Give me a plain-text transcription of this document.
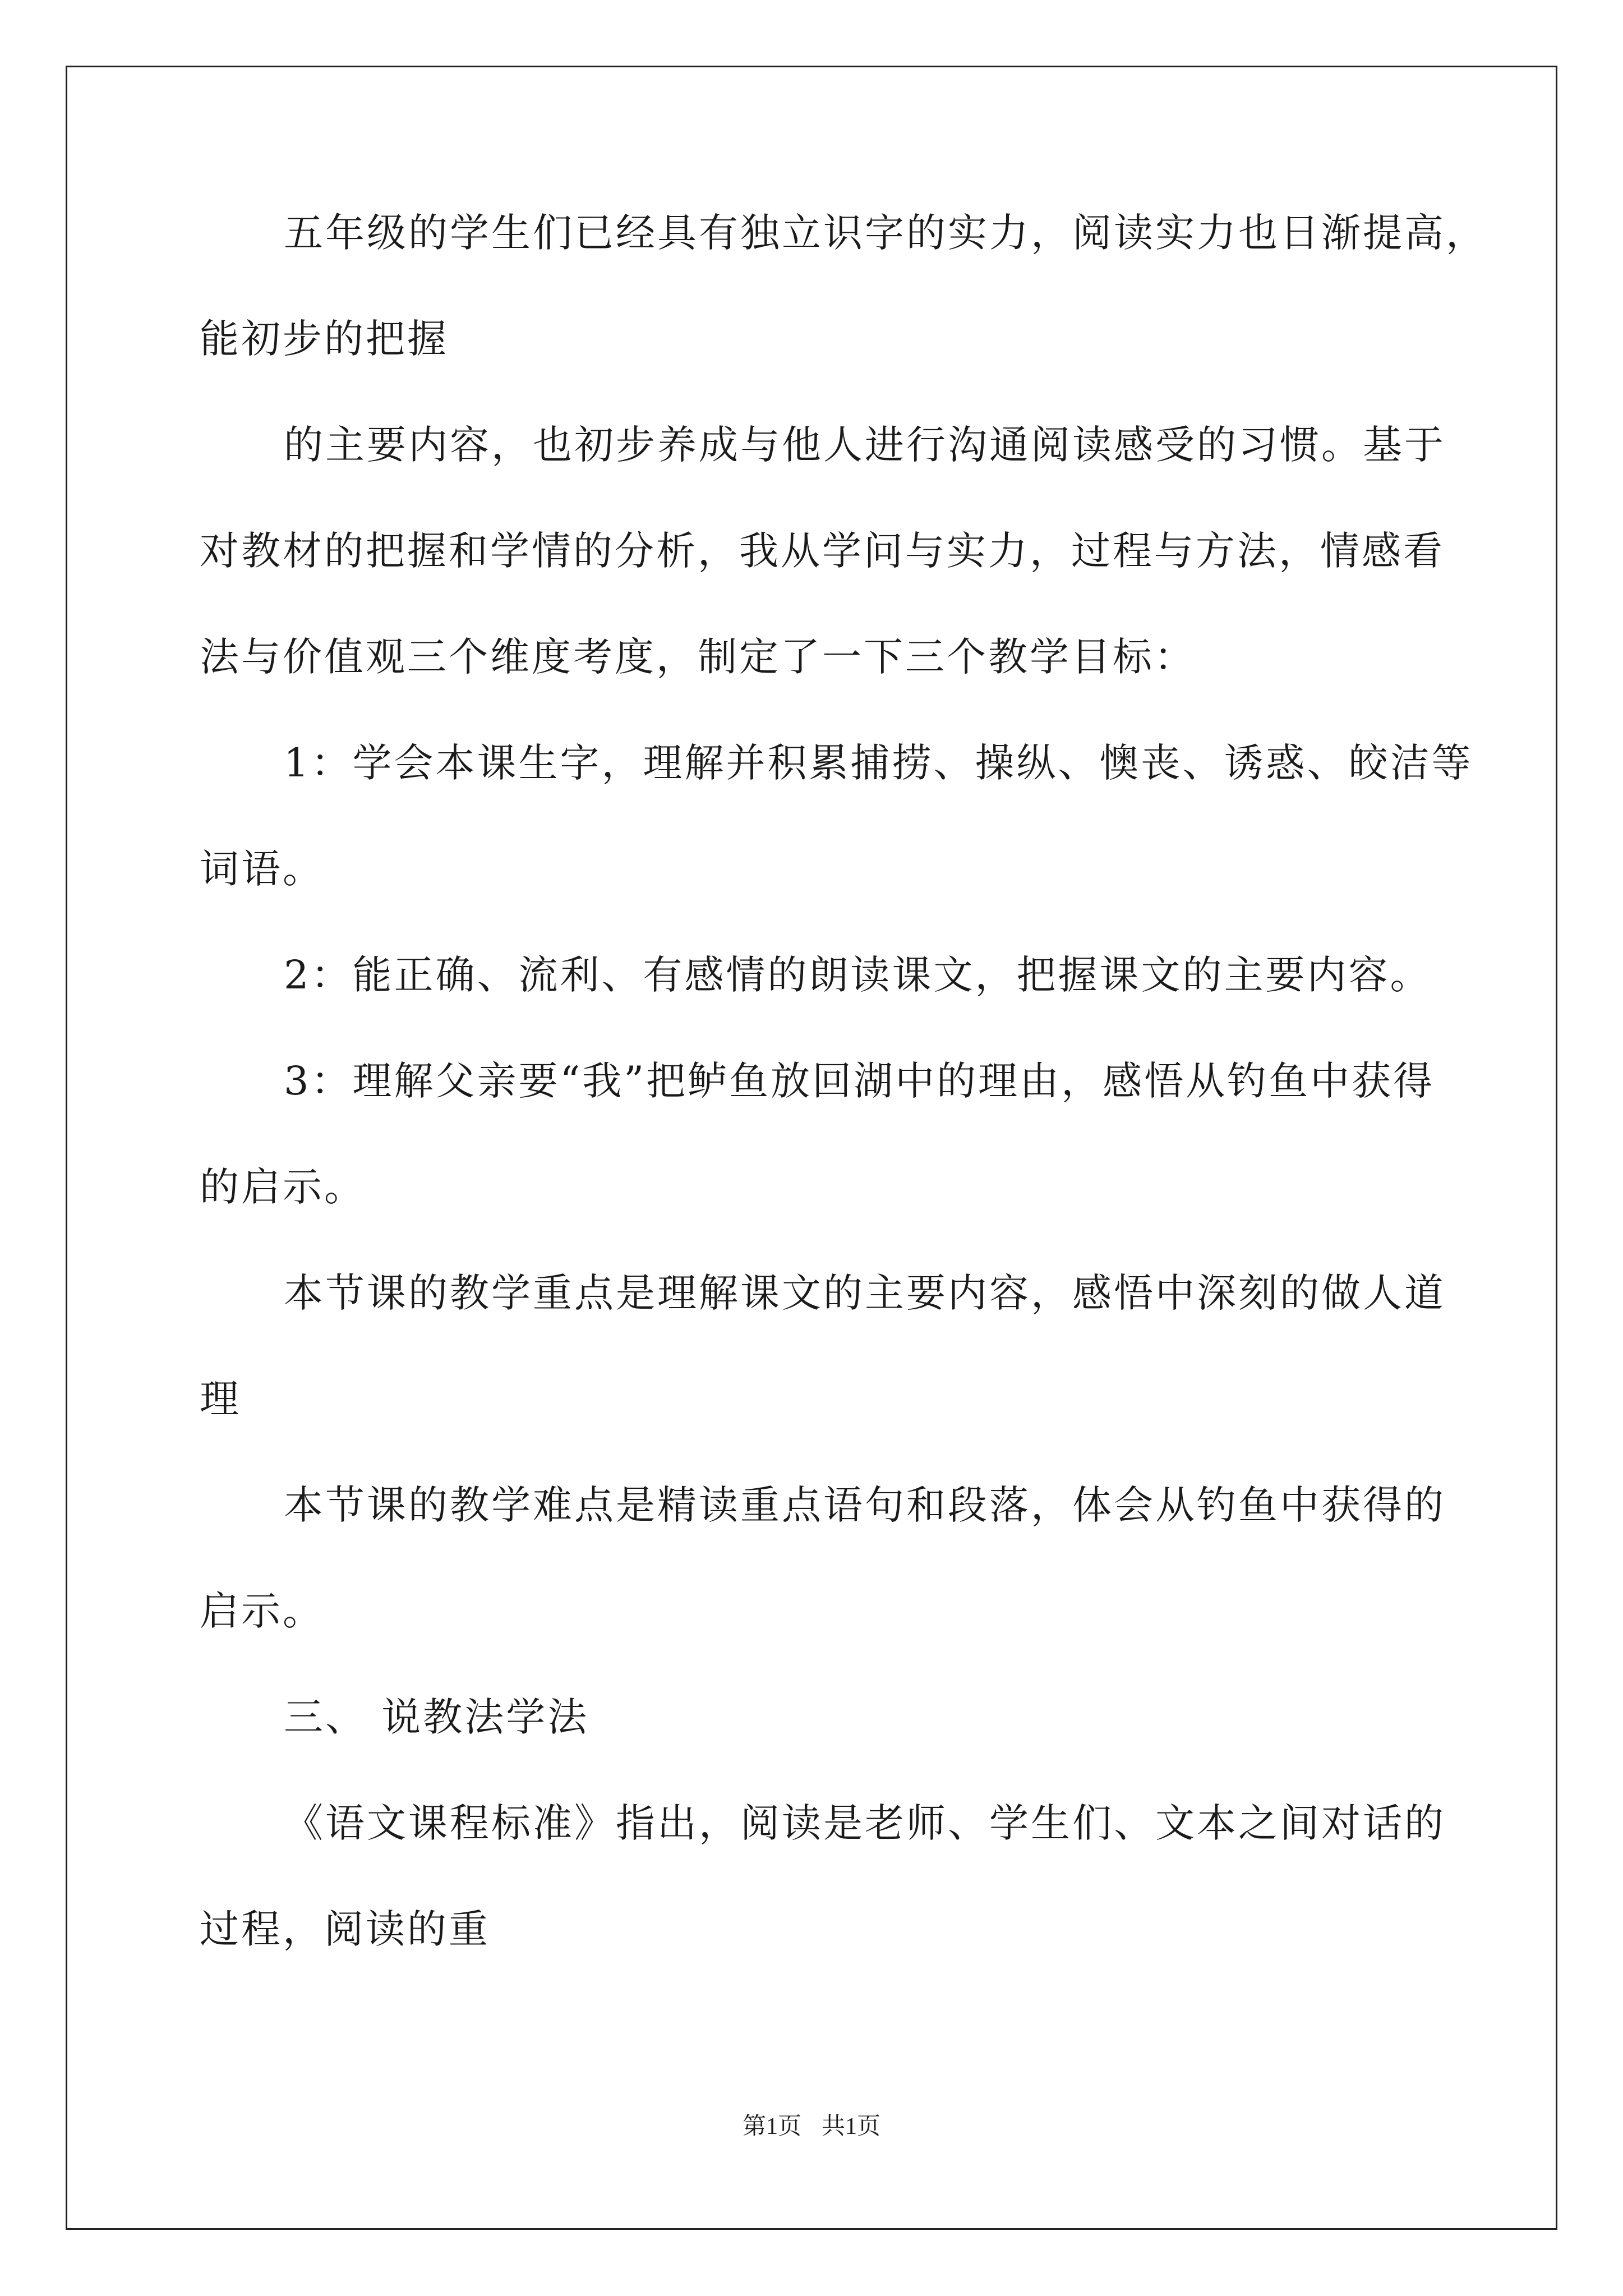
五年级的学生们已经具有独立识字的实力，阅读实力也日渐提高，
能初步的把握
的主要内容，也初步养成与他人进行沟通阅读感受的习惯。基于
对教材的把握和学情的分析，我从学问与实力，过程与方法，情感看
法与价值观三个维度考度，制定了一下三个教学目标：
1：学会本课生字，理解并积累捕捞、操纵、懊丧、诱惑、皎洁等
词语。
2：能正确、流利、有感情的朗读课文，把握课文的主要内容。
3：理解父亲要“我”把鲈鱼放回湖中的理由，感悟从钓鱼中获得
的启示。
本节课的教学重点是理解课文的主要内容，感悟中深刻的做人道
理
本节课的教学难点是精读重点语句和段落，体会从钓鱼中获得的
启示。
三、 说教法学法
《语文课程标准》指出，阅读是老师、学生们、文本之间对话的
过程，阅读的重
第1页 共1页
